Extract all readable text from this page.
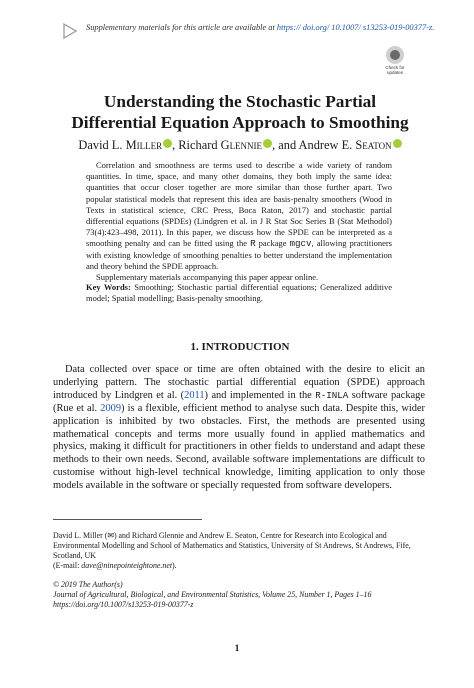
Supplementary materials for this article are available at https:// doi.org/ 10.1007/ s13253-019-00377-z.
Check for updates
Understanding the Stochastic Partial
Differential Equation Approach to Smoothing
David L. Miller , Richard Glennie , and Andrew E. Seaton

Correlation and smoothness are terms used to describe a wide variety of random quantities. In time, space, and many other domains, they both imply the same idea: quantities that occur closer together are more similar than those further apart. Two popular statistical models that represent this idea are basis-penalty smoothers (Wood in Texts in statistical science, CRC Press, Boca Raton, 2017) and stochastic partial differential equations (SPDEs) (Lindgren et al. in J R Stat Soc Series B (Stat Methodol) 73(4):423–498, 2011). In this paper, we discuss how the SPDE can be interpreted as a smoothing penalty and can be fitted using the R package mgcv, allowing practitioners with existing knowledge of smoothing penalties to better understand the implementation and theory behind the SPDE approach.

Supplementary materials accompanying this paper appear online.

Key Words: Smoothing; Stochastic partial differential equations; Generalized additive model; Spatial modelling; Basis-penalty smoothing.
1. INTRODUCTION

Data collected over space or time are often obtained with the desire to elicit an underlying pattern. The stochastic partial differential equation (SPDE) approach introduced by Lindgren et al. (2011) and implemented in the R-INLA software package (Rue et al. 2009) is a flexible, efficient method to analyse such data. Despite this, wider application is inhibited by two obstacles. First, the methods are presented using mathematical concepts and terms more usually found in applied mathematics and physics, making it difficult for practitioners in other fields to understand and adapt these methods to their own needs. Second, available software implementations are difficult to customise without high-level technical knowledge, limiting application to only those models available in the software or specially requested from software developers.

David L. Miller (✉) and Richard Glennie and Andrew E. Seaton, Centre for Research into Ecological and Environmental Modelling and School of Mathematics and Statistics, University of St Andrews, St Andrews, Fife, Scotland, UK
(E-mail: dave@ninepointeightone.net).
© 2019 The Author(s)
Journal of Agricultural, Biological, and Environmental Statistics, Volume 25, Number 1, Pages 1–16
https://doi.org/10.1007/s13253-019-00377-z
1
